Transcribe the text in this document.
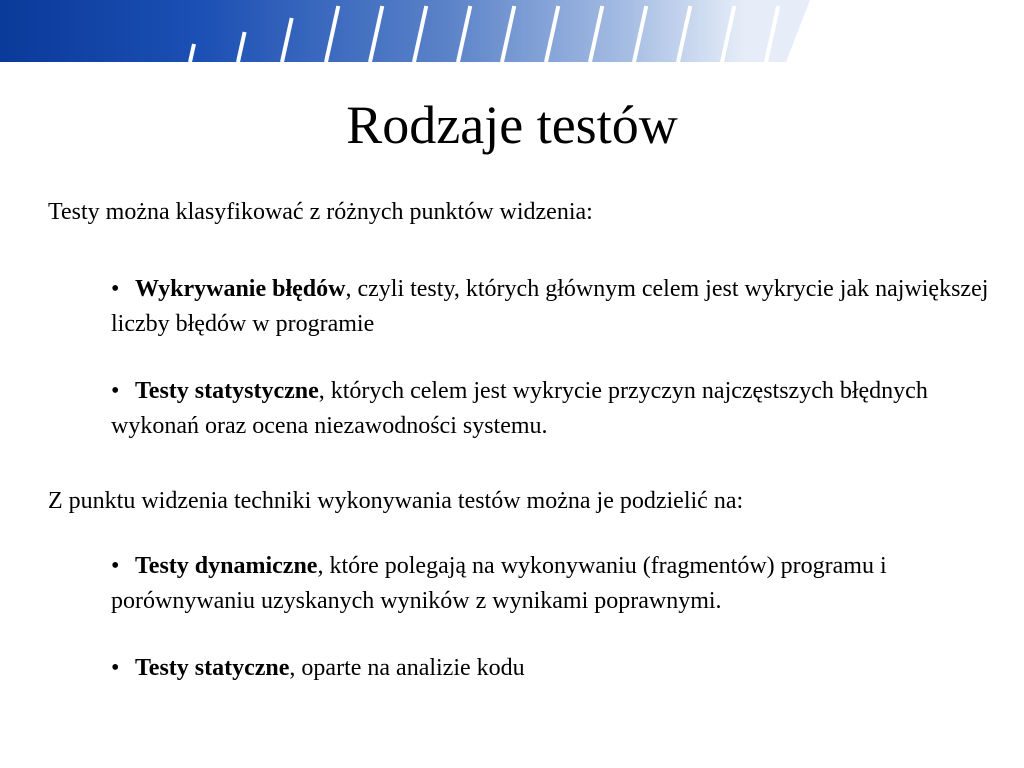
Rodzaje testów

Testy można klasyfikować z różnych punktów widzenia:

• Wykrywanie błędów, czyli testy, których głównym celem jest wykrycie jak największej liczby błędów w programie

• Testy statystyczne, których celem jest wykrycie przyczyn najczęstszych błędnych wykonań oraz ocena niezawodności systemu.

Z punktu widzenia techniki wykonywania testów można je podzielić na:

• Testy dynamiczne, które polegają na wykonywaniu (fragmentów) programu i porównywaniu uzyskanych wyników z wynikami poprawnymi.

• Testy statyczne, oparte na analizie kodu
